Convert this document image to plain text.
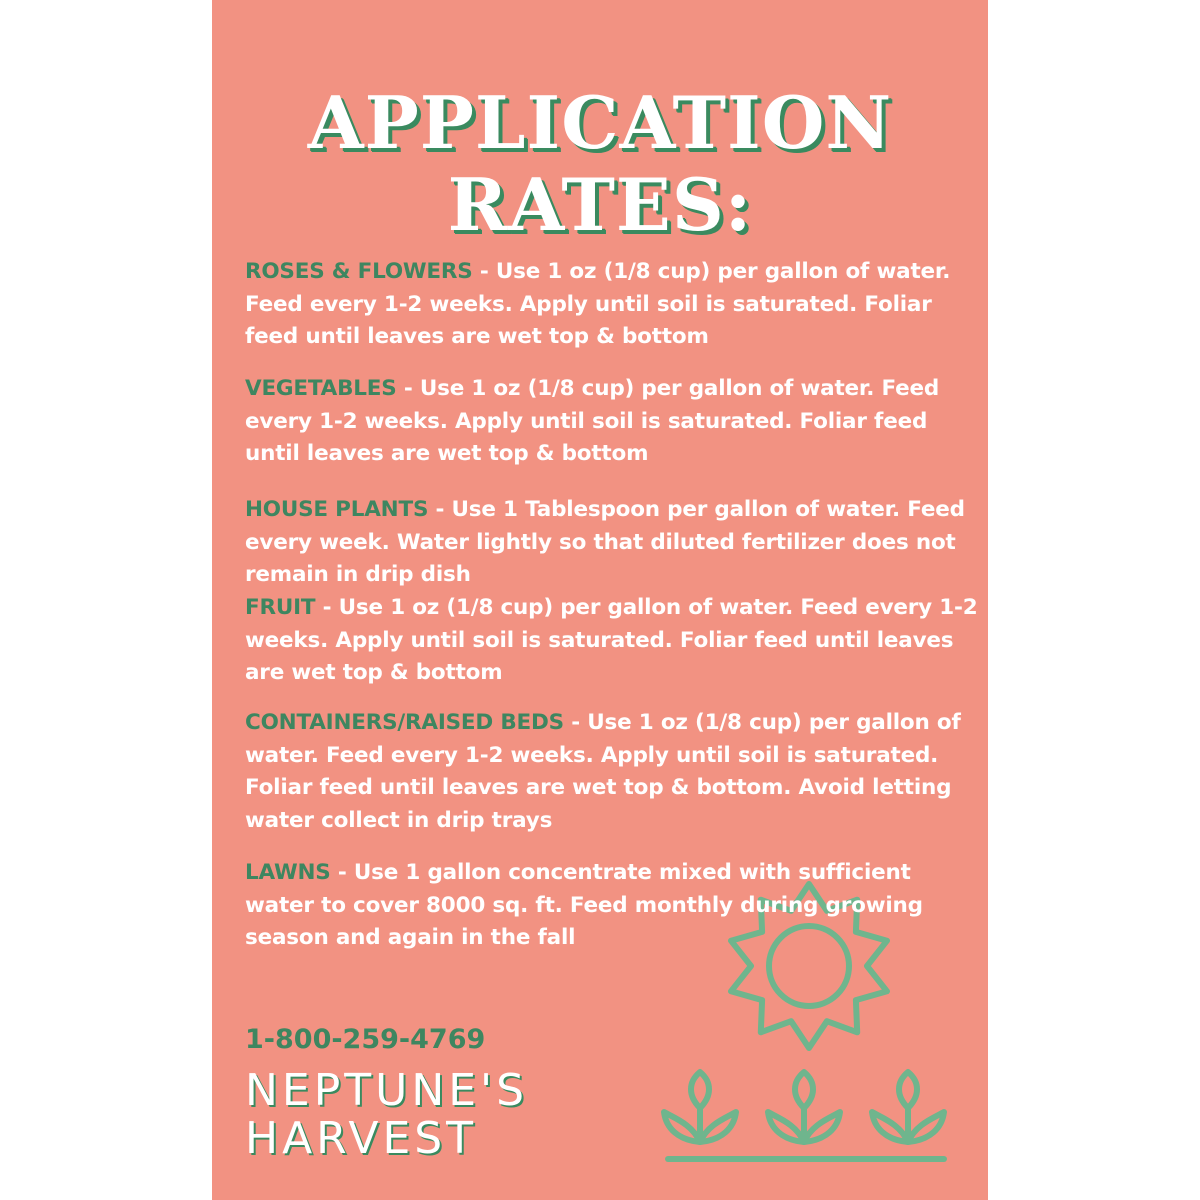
APPLICATION
RATES:
ROSES & FLOWERS - Use 1 oz (1/8 cup) per gallon of water. Feed every 1-2 weeks. Apply until soil is saturated. Foliar feed until leaves are wet top & bottom
VEGETABLES - Use 1 oz (1/8 cup) per gallon of water. Feed every 1-2 weeks. Apply until soil is saturated. Foliar feed until leaves are wet top & bottom
HOUSE PLANTS - Use 1 Tablespoon per gallon of water. Feed every week. Water lightly so that diluted fertilizer does not remain in drip dish
FRUIT - Use 1 oz (1/8 cup) per gallon of water. Feed every 1-2 weeks. Apply until soil is saturated. Foliar feed until leaves are wet top & bottom
CONTAINERS/RAISED BEDS - Use 1 oz (1/8 cup) per gallon of water. Feed every 1-2 weeks. Apply until soil is saturated. Foliar feed until leaves are wet top & bottom. Avoid letting water collect in drip trays
LAWNS - Use 1 gallon concentrate mixed with sufficient water to cover 8000 sq. ft. Feed monthly during growing season and again in the fall
1-800-259-4769
NEPTUNE'S
HARVEST
